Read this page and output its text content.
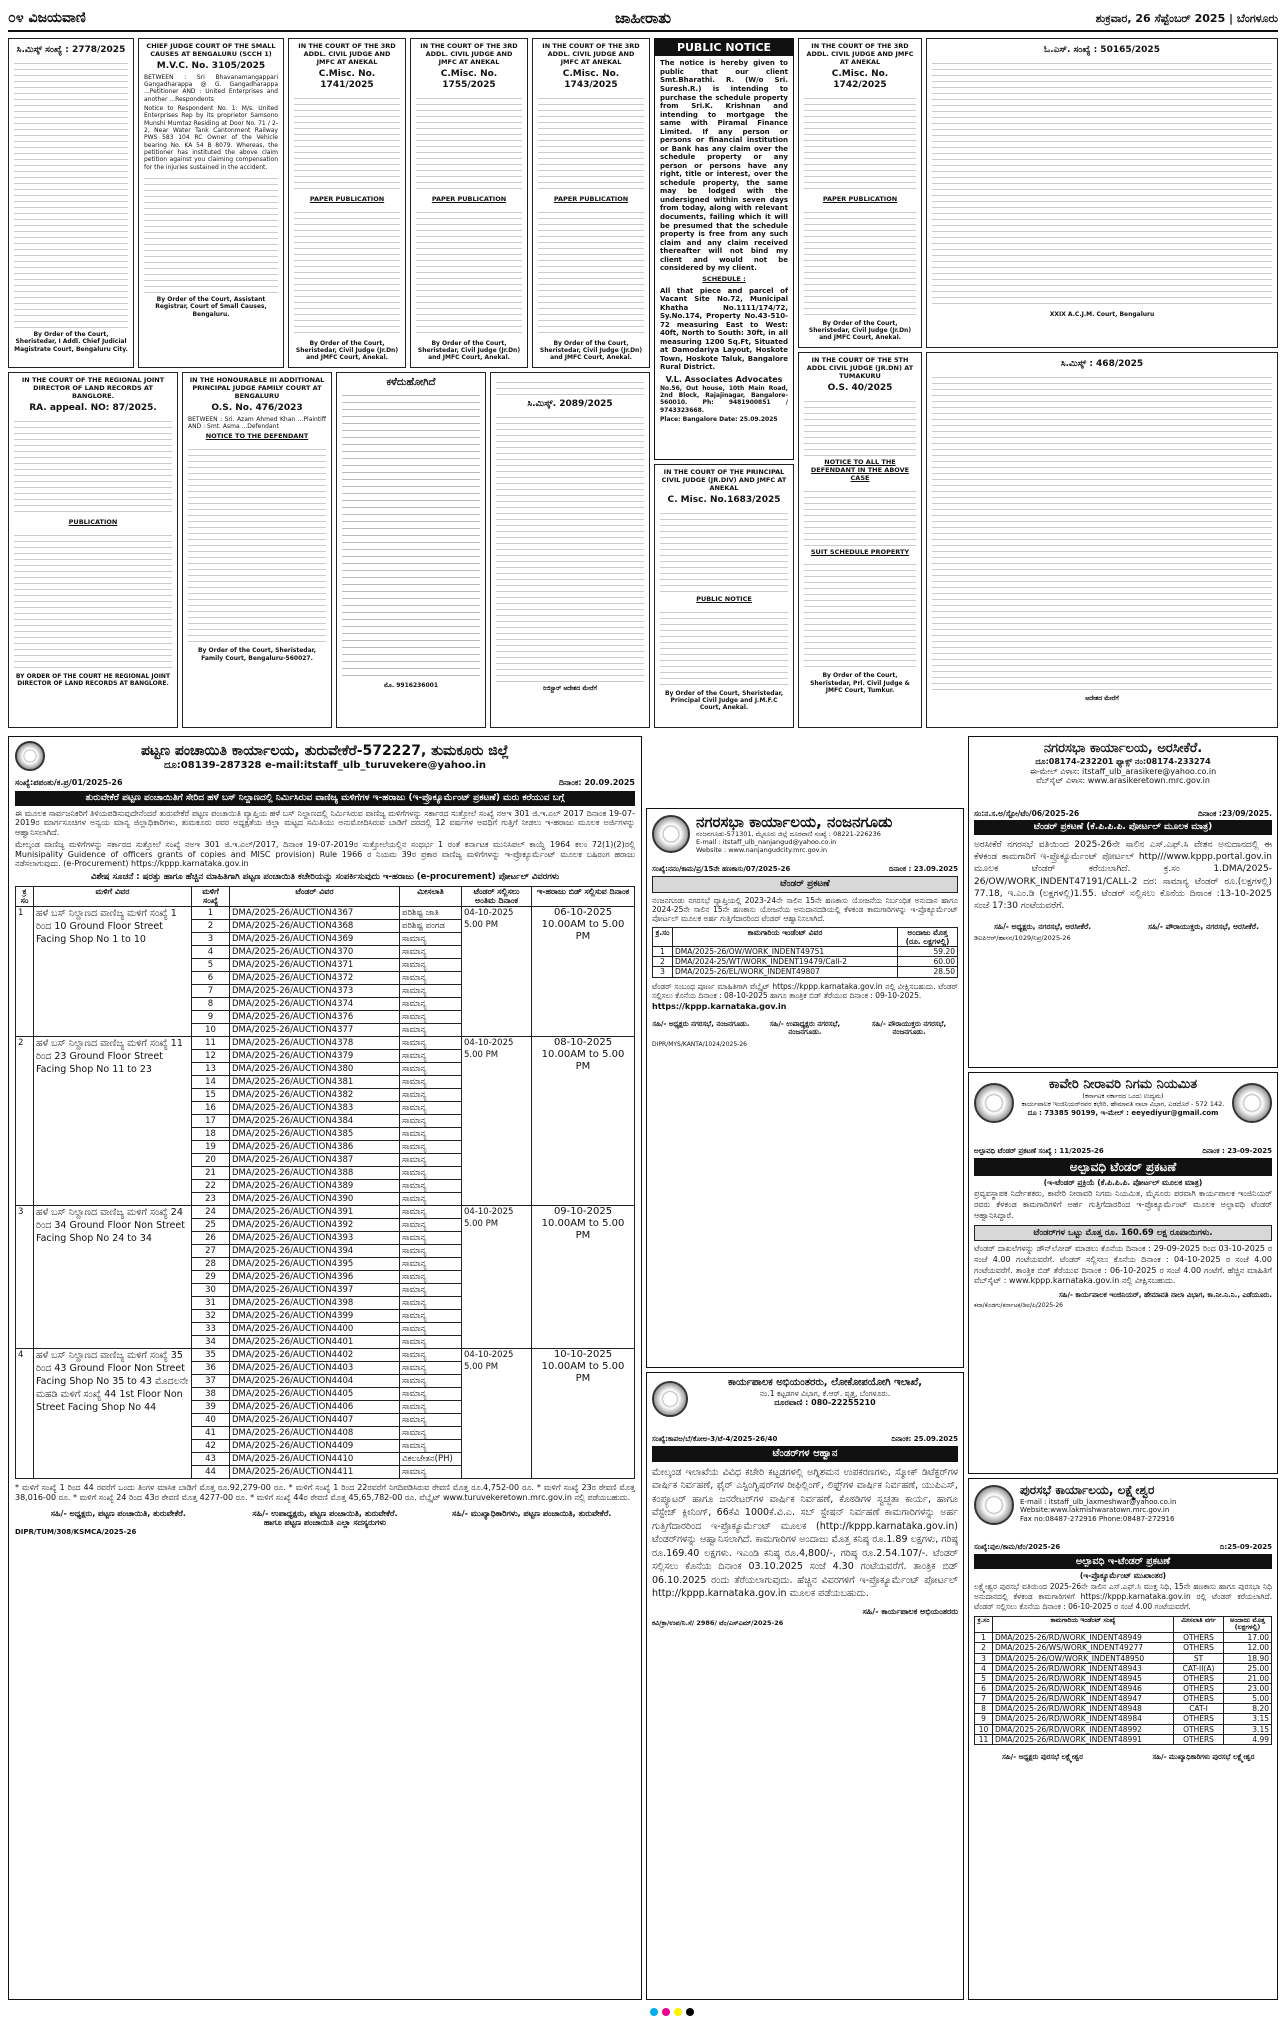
೦೪ ವಿಜಯವಾಣಿ	ಜಾಹೀರಾತು	ಶುಕ್ರವಾರ, 26 ಸೆಪ್ಟೆಂಬರ್ 2025 | ಬೆಂಗಳೂರು
ಸಿ.ಮಿಸ್ಕ್ ಸಂಖ್ಯೆ : 2778/2025
By Order of the Court, Sheristedar, I Addl. Chief Judicial Magistrate Court, Bengaluru City.
CHIEF JUDGE COURT OF THE SMALL CAUSES AT BENGALURU (SCCH 1)
M.V.C. No. 3105/2025
BETWEEN : Sri Bhavanamangappari Gangadharappa @ G. Gangadharappa ...Petitioner AND : United Enterprises and another ...Respondents
Notice to Respondent No. 1: M/s. United Enterprises Rep by its proprietor Samsono Munshi Mumtaz Residing at Door No. 71 / 2-2, Near Water Tank Cantonment Railway PWS 583 104 RC Owner of the Vehicle bearing No. KA 54 B 8079. Whereas, the petitioner has instituted the above claim petition against you claiming compensation for the injuries sustained in the accident.
By Order of the Court, Assistant Registrar, Court of Small Causes, Bengaluru.
IN THE COURT OF THE 3RD ADDL. CIVIL JUDGE AND JMFC AT ANEKAL
C.Misc. No. 1741/2025
PAPER PUBLICATION
By Order of the Court, Sheristedar, Civil Judge (Jr.Dn) and JMFC Court, Anekal.
IN THE COURT OF THE 3RD ADDL. CIVIL JUDGE AND JMFC AT ANEKAL
C.Misc. No. 1755/2025
PAPER PUBLICATION
By Order of the Court, Sheristedar, Civil Judge (Jr.Dn) and JMFC Court, Anekal.
IN THE COURT OF THE 3RD ADDL. CIVIL JUDGE AND JMFC AT ANEKAL
C.Misc. No. 1743/2025
PAPER PUBLICATION
By Order of the Court, Sheristedar, Civil Judge (Jr.Dn) and JMFC Court, Anekal.
PUBLIC NOTICE
The notice is hereby given to public that our client Smt.Bharathi. R. (W/o Sri. Suresh.R.) is intending to purchase the schedule property from Sri.K. Krishnan and intending to mortgage the same with Piramal Finance Limited. If any person or persons or financial institution or Bank has any claim over the schedule property or any person or persons have any right, title or interest, over the schedule property, the same may be lodged with the undersigned within seven days from today, along with relevant documents, failing which it will be presumed that the schedule property is free from any such claim and any claim received thereafter will not bind my client and would not be considered by my client.
SCHEDULE :
All that piece and parcel of Vacant Site No.72, Municipal Khatha No.1111/174/72, Sy.No.174, Property No.43-510-72 measuring East to West: 40ft, North to South: 30ft, in all measuring 1200 Sq.Ft, Situated at Damodariya Layout, Hoskote Town, Hoskote Taluk, Bangalore Rural District.
V.L. Associates Advocates
No.56, Out house, 10th Main Road, 2nd Block, Rajajinagar, Bangalore-560010. Ph: 9481900851 / 9743323668.
Place: Bangalore Date: 25.09.2025
IN THE COURT OF THE 3RD ADDL. CIVIL JUDGE AND JMFC AT ANEKAL
C.Misc. No. 1742/2025
PAPER PUBLICATION
By Order of the Court, Sheristedar, Civil Judge (Jr.Dn) and JMFC Court, Anekal.
ಓ.ಎಸ್. ಸಂಖ್ಯೆ : 50165/2025
XXIX A.C.J.M. Court, Bengaluru
IN THE COURT OF THE REGIONAL JOINT DIRECTOR OF LAND RECORDS AT BANGLORE.
RA. appeal. NO: 87/2025.
PUBLICATION
BY ORDER OF THE COURT HE REGIONAL JOINT DIRECTOR OF LAND RECORDS AT BANGLORE.
IN THE HONOURABLE III ADDITIONAL PRINCIPAL JUDGE FAMILY COURT AT BENGALURU
O.S. No. 476/2023
BETWEEN : Sri. Azam Ahmed Khan ...Plaintiff AND : Smt. Asma ...Defendant
NOTICE TO THE DEFENDANT
By Order of the Court, Sheristedar, Family Court, Bengaluru-560027.
ಕಳೆದುಹೋಗಿದೆ
ಮೊ. 9916236001
ಸಿ.ಮಿಸ್ಕ್. 2089/2025
ರಿಜಿಸ್ಟ್ರಾರ್ ಆದೇಶದ ಮೇರೆಗೆ
IN THE COURT OF THE PRINCIPAL CIVIL JUDGE (JR.DIV) AND JMFC AT ANEKAL
C. Misc. No.1683/2025
PUBLIC NOTICE
By Order of the Court, Sheristedar, Principal Civil Judge and J.M.F.C Court, Anekal.
IN THE COURT OF THE 5TH ADDL CIVIL JUDGE (JR.DN) AT TUMAKURU
O.S. 40/2025
NOTICE TO ALL THE DEFENDANT IN THE ABOVE CASE
SUIT SCHEDULE PROPERTY
By Order of the Court, Sheristedar, Prl. Civil Judge & JMFC Court, Tumkur.
ಸಿ.ಮಿಸ್ಕ್ : 468/2025
ಆದೇಶದ ಮೇರೆಗೆ
ಪಟ್ಟಣ ಪಂಚಾಯಿತಿ ಕಾರ್ಯಾಲಯ, ತುರುವೇಕೆರೆ-572227, ತುಮಕೂರು ಜಿಲ್ಲೆ
ದೂ:08139-287328 e-mail:itstaff_ulb_turuvekere@yahoo.in
ಸಂಖ್ಯೆ:ಪಪಂತು/ಕ.ಪ್ರ/01/2025-26	ದಿನಾಂಕ: 20.09.2025
ತುರುವೇಕೆರೆ ಪಟ್ಟಣ ಪಂಚಾಯಿತಿಗೆ ಸೇರಿದ ಹಳೆ ಬಸ್ ನಿಲ್ದಾಣದಲ್ಲಿ ನಿರ್ಮಿಸಿರುವ ವಾಣಿಜ್ಯ ಮಳಿಗೆಗಳ ಇ-ಹರಾಜು (ಇ-ಪ್ರೊಕ್ಯೂರ್ಮೆಂಟ್ ಪ್ರಕಟಣೆ) ಮರು ಕರೆಯುವ ಬಗ್ಗೆ
ಈ ಮೂಲಕ ಸಾರ್ವಜನಿಕರಿಗೆ ತಿಳಿಯಪಡಿಸುವುದೇನೆಂದರೆ ತುರುವೇಕೆರೆ ಪಟ್ಟಣ ಪಂಚಾಯಿತಿ ವ್ಯಾಪ್ತಿಯ ಹಳೆ ಬಸ್ ನಿಲ್ದಾಣದಲ್ಲಿ ನಿರ್ಮಿಸಿರುವ ವಾಣಿಜ್ಯ ಮಳಿಗೆಗಳನ್ನು ಸರ್ಕಾರದ ಸುತ್ತೋಲೆ ಸಂಖ್ಯೆ ನಅಇ 301 ಜಿ.ಇ.ಎಲ್ 2017 ದಿನಾಂಕ 19-07-2019ರ ಮಾರ್ಗಸೂಚಿಗಳ ಅನ್ವಯ ಮಾನ್ಯ ಜಿಲ್ಲಾಧಿಕಾರಿಗಳು, ತುಮಕೂರು ರವರ ಅಧ್ಯಕ್ಷತೆಯ ಜಿಲ್ಲಾ ಮಟ್ಟದ ಸಮಿತಿಯು ಅನುಮೋದಿಸಿರುವ ಬಾಡಿಗೆ ದರದಲ್ಲಿ 12 ವರ್ಷಗಳ ಅವಧಿಗೆ ಗುತ್ತಿಗೆ ನೀಡಲು ಇ-ಹರಾಜು ಮೂಲಕ ಅರ್ಜಿಗಳನ್ನು ಆಹ್ವಾನಿಸಲಾಗಿದೆ.
ಮೇಲ್ಕಂಡ ವಾಣಿಜ್ಯ ಮಳಿಗೆಗಳನ್ನು ಸರ್ಕಾರದ ಸುತ್ತೋಲೆ ಸಂಖ್ಯೆ ನಅಇ 301 ಜಿ.ಇ.ಎಲ್/2017, ದಿನಾಂಕ 19-07-2019ರ ಸುತ್ತೋಲೆಯಲ್ಲಿನ ಸಂಧರ್ಭ 1 ರಂತೆ ಕರ್ನಾಟಕ ಮುನಿಸಿಪಲ್ ಕಾಯ್ದೆ 1964 ಕಲಂ 72(1)(2)ರಲ್ಲಿ Munisipality Guidence of officers grants of copies and MISC provision) Rule 1966 ರ ನಿಯಮ 39ರ ಪ್ರಕಾರ ವಾಣಿಜ್ಯ ಮಳಿಗೆಗಳನ್ನು ಇ-ಪ್ರೊಕ್ಯೂರ್ಮೆಂಟ್ ಮೂಲಕ ಬಹಿರಂಗ ಹರಾಜು ನಡೆಸಲಾಗುವುದು. (e-Procurement) https://kppp.karnataka.gov.in
ವಿಶೇಷ ಸೂಚನೆ : ಷರತ್ತು ಹಾಗೂ ಹೆಚ್ಚಿನ ಮಾಹಿತಿಗಾಗಿ ಪಟ್ಟಣ ಪಂಚಾಯಿತಿ ಕಚೇರಿಯನ್ನು ಸಂಪರ್ಕಿಸುವುದು ಇ-ಹರಾಜು (e-procurement) ಪೋರ್ಟಲ್ ವಿವರಗಳು
ಕ್ರ ಸಂ	ಮಳಿಗೆ ವಿವರ	ಮಳಿಗೆ ಸಂಖ್ಯೆ	ಟೆಂಡರ್ ವಿವರ	ಮೀಸಲಾತಿ	ಟೆಂಡರ್ ಸಲ್ಲಿಸಲು ಅಂತಿಮ ದಿನಾಂಕ	ಇ-ಹರಾಜು ಬಿಡ್ ಸಲ್ಲಿಸುವ ದಿನಾಂಕ
1	ಹಳೆ ಬಸ್ ನಿಲ್ದಾಣದ ವಾಣಿಜ್ಯ ಮಳಿಗೆ ಸಂಖ್ಯೆ 1 ರಿಂದ 10 Ground Floor Street Facing Shop No 1 to 10	1	DMA/2025-26/AUCTION4367	ಪರಿಶಿಷ್ಟ ಜಾತಿ	04-10-2025 5.00 PM	06-10-2025 10.00AM to 5.00 PM
		2	DMA/2025-26/AUCTION4368	ಪರಿಶಿಷ್ಟ ಪಂಗಡ		
		3	DMA/2025-26/AUCTION4369	ಸಾಮಾನ್ಯ		
		4	DMA/2025-26/AUCTION4370	ಸಾಮಾನ್ಯ		
		5	DMA/2025-26/AUCTION4371	ಸಾಮಾನ್ಯ		
		6	DMA/2025-26/AUCTION4372	ಸಾಮಾನ್ಯ		
		7	DMA/2025-26/AUCTION4373	ಸಾಮಾನ್ಯ		
		8	DMA/2025-26/AUCTION4374	ಸಾಮಾನ್ಯ		
		9	DMA/2025-26/AUCTION4376	ಸಾಮಾನ್ಯ		
		10	DMA/2025-26/AUCTION4377	ಸಾಮಾನ್ಯ		
2	ಹಳೆ ಬಸ್ ನಿಲ್ದಾಣದ ವಾಣಿಜ್ಯ ಮಳಿಗೆ ಸಂಖ್ಯೆ 11 ರಿಂದ 23 Ground Floor Street Facing Shop No 11 to 23	11	DMA/2025-26/AUCTION4378	ಸಾಮಾನ್ಯ	04-10-2025 5.00 PM	08-10-2025 10.00AM to 5.00 PM
		12	DMA/2025-26/AUCTION4379	ಸಾಮಾನ್ಯ		
		13	DMA/2025-26/AUCTION4380	ಸಾಮಾನ್ಯ		
		14	DMA/2025-26/AUCTION4381	ಸಾಮಾನ್ಯ		
		15	DMA/2025-26/AUCTION4382	ಸಾಮಾನ್ಯ		
		16	DMA/2025-26/AUCTION4383	ಸಾಮಾನ್ಯ		
		17	DMA/2025-26/AUCTION4384	ಸಾಮಾನ್ಯ		
		18	DMA/2025-26/AUCTION4385	ಸಾಮಾನ್ಯ		
		19	DMA/2025-26/AUCTION4386	ಸಾಮಾನ್ಯ		
		20	DMA/2025-26/AUCTION4387	ಸಾಮಾನ್ಯ		
		21	DMA/2025-26/AUCTION4388	ಸಾಮಾನ್ಯ		
		22	DMA/2025-26/AUCTION4389	ಸಾಮಾನ್ಯ		
		23	DMA/2025-26/AUCTION4390	ಸಾಮಾನ್ಯ		
3	ಹಳೆ ಬಸ್ ನಿಲ್ದಾಣದ ವಾಣಿಜ್ಯ ಮಳಿಗೆ ಸಂಖ್ಯೆ 24 ರಿಂದ 34 Ground Floor Non Street Facing Shop No 24 to 34	24	DMA/2025-26/AUCTION4391	ಸಾಮಾನ್ಯ	04-10-2025 5.00 PM	09-10-2025 10.00AM to 5.00 PM
		25	DMA/2025-26/AUCTION4392	ಸಾಮಾನ್ಯ		
		26	DMA/2025-26/AUCTION4393	ಸಾಮಾನ್ಯ		
		27	DMA/2025-26/AUCTION4394	ಸಾಮಾನ್ಯ		
		28	DMA/2025-26/AUCTION4395	ಸಾಮಾನ್ಯ		
		29	DMA/2025-26/AUCTION4396	ಸಾಮಾನ್ಯ		
		30	DMA/2025-26/AUCTION4397	ಸಾಮಾನ್ಯ		
		31	DMA/2025-26/AUCTION4398	ಸಾಮಾನ್ಯ		
		32	DMA/2025-26/AUCTION4399	ಸಾಮಾನ್ಯ		
		33	DMA/2025-26/AUCTION4400	ಸಾಮಾನ್ಯ		
		34	DMA/2025-26/AUCTION4401	ಸಾಮಾನ್ಯ		
4	ಹಳೆ ಬಸ್ ನಿಲ್ದಾಣದ ವಾಣಿಜ್ಯ ಮಳಿಗೆ ಸಂಖ್ಯೆ 35 ರಿಂದ 43 Ground Floor Non Street Facing Shop No 35 to 43 ಮೊದಲನೇ ಮಹಡಿ ಮಳಿಗೆ ಸಂಖ್ಯೆ 44 1st Floor Non Street Facing Shop No 44	35	DMA/2025-26/AUCTION4402	ಸಾಮಾನ್ಯ	04-10-2025 5.00 PM	10-10-2025 10.00AM to 5.00 PM
		36	DMA/2025-26/AUCTION4403	ಸಾಮಾನ್ಯ		
		37	DMA/2025-26/AUCTION4404	ಸಾಮಾನ್ಯ		
		38	DMA/2025-26/AUCTION4405	ಸಾಮಾನ್ಯ		
		39	DMA/2025-26/AUCTION4406	ಸಾಮಾನ್ಯ		
		40	DMA/2025-26/AUCTION4407	ಸಾಮಾನ್ಯ		
		41	DMA/2025-26/AUCTION4408	ಸಾಮಾನ್ಯ		
		42	DMA/2025-26/AUCTION4409	ಸಾಮಾನ್ಯ		
		43	DMA/2025-26/AUCTION4410	ವಿಕಲಚೇತನ(PH)		
		44	DMA/2025-26/AUCTION4411	ಸಾಮಾನ್ಯ		
* ಮಳಿಗೆ ಸಂಖ್ಯೆ 1 ರಿಂದ 44 ರವರೆಗೆ ಒಂದು ತಿಂಗಳ ಮಾಸಿಕ ಬಾಡಿಗೆ ಮೊತ್ತ ರೂ.92,279-00 ರೂ. * ಮಳಿಗೆ ಸಂಖ್ಯೆ 1 ರಿಂದ 22ರವರೆಗೆ ನಿಗದಿಪಡಿಸಿರುವ ಠೇವಣಿ ಮೊತ್ತ ರೂ.4,752-00 ರೂ. * ಮಳಿಗೆ ಸಂಖ್ಯೆ 23ರ ಠೇವಣಿ ಮೊತ್ತ 38,016-00 ರೂ. * ಮಳಿಗೆ ಸಂಖ್ಯೆ 24 ರಿಂದ 43ರ ಠೇವಣಿ ಮೊತ್ತ 4277-00 ರೂ. * ಮಳಿಗೆ ಸಂಖ್ಯೆ 44ರ ಠೇವಣಿ ಮೊತ್ತ 45,65,782-00 ರೂ. ವೆಬ್ಸೈಟ್ www.turuvekeretown.mrc.gov.in ನಲ್ಲಿ ಪಡೆಯಬಹುದು.
ಸಹಿ/- ಅಧ್ಯಕ್ಷರು, ಪಟ್ಟಣ ಪಂಚಾಯಿತಿ, ತುರುವೇಕೆರೆ.	ಸಹಿ/- ಉಪಾಧ್ಯಕ್ಷರು, ಪಟ್ಟಣ ಪಂಚಾಯಿತಿ, ತುರುವೇಕೆರೆ.	ಸಹಿ/- ಮುಖ್ಯಾಧಿಕಾರಿಗಳು, ಪಟ್ಟಣ ಪಂಚಾಯಿತಿ, ತುರುವೇಕೆರೆ.
ಹಾಗೂ ಪಟ್ಟಣ ಪಂಚಾಯಿತಿ ಎಲ್ಲಾ ಸದಸ್ಯರುಗಳು
DIPR/TUM/308/KSMCA/2025-26
ನಗರಸಭಾ ಕಾರ್ಯಾಲಯ, ನಂಜನಗೂಡು
ನಂಜನಗೂಡು-571301, ಮೈಸೂರು ಜಿಲ್ಲೆ ದೂರವಾಣಿ ಸಂಖ್ಯೆ : 08221-226236
E-mail : itstaff_ulb_nanjangud@yahoo.co.in
Website : www.nanjangudcity.mrc.gov.in
ಸಂಖ್ಯೆ:ನನಂ/ಕಾಮ/ಪ್ರ/15ನೇ ಹಣಕಾಸು/07/2025-26	ದಿನಾಂಕ : 23.09.2025
ಟೆಂಡರ್ ಪ್ರಕಟಣೆ
ನಂಜನಗೂಡು ನಗರಸಭೆ ವ್ಯಾಪ್ತಿಯಲ್ಲಿ 2023-24ನೇ ಸಾಲಿನ 15ನೇ ಹಣಕಾಸು ಯೋಜನೆಯ ನಿರ್ಬಂಧಿತ ಅನುದಾನ ಹಾಗೂ 2024-25ನೇ ಸಾಲಿನ 15ನೇ ಹಣಕಾಸು ಯೋಜನೆಯ ಅನುದಾನದಡಿಯಲ್ಲಿ ಕೆಳಕಂಡ ಕಾಮಗಾರಿಗಳನ್ನು ಇ-ಪ್ರೊಕ್ಯೂರ್ಮೆಂಟ್ ಪೋರ್ಟಲ್ ಮೂಲಕ ಅರ್ಹ ಗುತ್ತಿಗೆದಾರರಿಂದ ಟೆಂಡರ್ ಆಹ್ವಾನಿಸಲಾಗಿದೆ.
ಕ್ರ.ಸಂ	ಕಾಮಗಾರಿಯ ಇಂಡೆಂಟ್ ವಿವರ	ಅಂದಾಜು ಮೊತ್ತ (ರೂ. ಲಕ್ಷಗಳಲ್ಲಿ)
1	DMA/2025-26/OW/WORK_INDENT49751	59.20
2	DMA/2024-25/WT/WORK_INDENT19479/Call-2	60.00
3	DMA/2025-26/EL/WORK_INDENT49807	28.50
ಟೆಂಡರ್ ಸಂಬಂಧ ಪೂರ್ಣ ಮಾಹಿತಿಗಾಗಿ ವೆಬ್ಸೈಟ್ https://kppp.karnataka.gov.in ನಲ್ಲಿ ವೀಕ್ಷಿಸಬಹುದು. ಟೆಂಡರ್ ಸಲ್ಲಿಸಲು ಕೊನೆಯ ದಿನಾಂಕ : 08-10-2025 ಹಾಗೂ ತಾಂತ್ರಿಕ ಬಿಡ್ ತೆರೆಯುವ ದಿನಾಂಕ : 09-10-2025.
https://kppp.karnataka.gov.in
ಸಹಿ/- ಅಧ್ಯಕ್ಷರು ನಗರಸಭೆ, ನಂಜನಗೂಡು.	ಸಹಿ/- ಉಪಾಧ್ಯಕ್ಷರು ನಗರಸಭೆ, ನಂಜನಗೂಡು.
ಸಹಿ/- ಪೌರಾಯುಕ್ತರು ನಗರಸಭೆ, ನಂಜನಗೂಡು.
DIPR/MYS/KANTA/1024/2025-26
ಕಾರ್ಯಪಾಲಕ ಅಭಿಯಂತರರು, ಲೋಕೋಪಯೋಗಿ ಇಲಾಖೆ,
ನಂ.1 ಕಟ್ಟಡಗಳ ವಿಭಾಗ, ಕೆ.ಆರ್. ವೃತ್ತ, ಬೆಂಗಳೂರು.
ದೂರವಾಣಿ : 080-22255210
ಸಂಖ್ಯೆ:ಕಾಪಅ/ಬೆ/ಕೋಅ-3/ಟೆ-4/2025-26/40	ದಿನಾಂಕ: 25.09.2025
ಟೆಂಡರ್‌ಗಳ ಆಹ್ವಾನ
ಮೇಲ್ಕಂಡ ಇಲಾಖೆಯ ವಿವಿಧ ಕಚೇರಿ ಕಟ್ಟಡಗಳಲ್ಲಿ ಅಗ್ನಿಶಮನ ಉಪಕರಣಗಳು, ಸ್ಮೋಕ್ ಡಿಟೆಕ್ಟರ್‌ಗಳ ವಾರ್ಷಿಕ ನಿರ್ವಹಣೆ, ಫೈರ್ ಎಸ್ಟಿಂಗ್ವಿಷರ್‌ಗಳ ರೀಫಿಲ್ಲಿಂಗ್, ಲಿಫ್ಟ್‌ಗಳ ವಾರ್ಷಿಕ ನಿರ್ವಹಣೆ, ಯುಪಿಎಸ್, ಕಂಪ್ಯೂಟರ್ ಹಾಗೂ ಜನರೇಟರ್‌ಗಳ ವಾರ್ಷಿಕ ನಿರ್ವಹಣೆ, ಕೊಠಡಿಗಳ ಸ್ವಚ್ಛತಾ ಕಾರ್ಯ, ಹಾಗೂ ವೆಸ್ಟೇಜ್ ಕ್ಲೀನಿಂಗ್, 66ಕೆವಿ 1000ಕೆ.ವಿ.ಎ. ಸಬ್ ಸ್ಟೇಷನ್ ನಿರ್ವಹಣೆ ಕಾಮಗಾರಿಗಳನ್ನು ಅರ್ಹ ಗುತ್ತಿಗೆದಾರರಿಂದ ಇ-ಪ್ರೊಕ್ಯೂರ್ಮೆಂಟ್ ಮೂಲಕ (http://kppp.karnataka.gov.in) ಟೆಂಡರ್‌ಗಳನ್ನು ಆಹ್ವಾನಿಸಲಾಗಿದೆ. ಕಾಮಗಾರಿಗಳ ಅಂದಾಜು ಮೊತ್ತ ಕನಿಷ್ಠ ರೂ.1.89 ಲಕ್ಷಗಳು, ಗರಿಷ್ಠ ರೂ.169.40 ಲಕ್ಷಗಳು. ಇಎಂಡಿ ಕನಿಷ್ಠ ರೂ.4,800/-, ಗರಿಷ್ಠ ರೂ.2.54.107/-. ಟೆಂಡರ್ ಸಲ್ಲಿಸಲು ಕೊನೆಯ ದಿನಾಂಕ 03.10.2025 ಸಂಜೆ 4.30 ಗಂಟೆಯವರೆಗೆ. ತಾಂತ್ರಿಕ ಬಿಡ್ 06.10.2025 ರಂದು ತೆರೆಯಲಾಗುವುದು. ಹೆಚ್ಚಿನ ವಿವರಗಳಿಗೆ ಇ-ಪ್ರೊಕ್ಯೂರ್ಮೆಂಟ್ ಪೋರ್ಟಲ್ http://kppp.karnataka.gov.in ಮೂಲಕ ಪಡೆಯಬಹುದು.
ಸಹಿ/- ಕಾರ್ಯಪಾಲಕ ಅಭಿಯಂತರರು
ಕವಿ/ಕ್ರಾ/ಉಪ/ನಿ.ಸೆ/ 2986/ ಟೆಂ/ಎಸ್ಎಮ್/2025-26
ನಗರಸಭಾ ಕಾರ್ಯಾಲಯ, ಅರಸೀಕೆರೆ.
ದೂ:08174-232201 ಫ್ಯಾಕ್ಸ್ ನಂ:08174-233274
ಈ-ಮೇಲ್ ವಿಳಾಸ: itstaff_ulb_arasikere@yahoo.co.in
ವೆಬ್‌ಸೈಟ್ ವಿಳಾಸ: www.arasikeretown.mrc.gov.in
ಸಂ:ನ.ಸ.ಅ/ಸ್ಟೋ/ಟೆಂ/06/2025-26	ದಿನಾಂಕ :23/09/2025.
ಟೆಂಡರ್ ಪ್ರಕಟಣೆ (ಕೆ.ಪಿ.ಪಿ.ಪಿ. ಪೋರ್ಟಲ್ ಮೂಲಕ ಮಾತ್ರ)
ಅರಸೀಕೆರೆ ನಗರಸಭೆ ವತಿಯಿಂದ 2025-26ನೇ ಸಾಲಿನ ಎಸ್.ಎಫ್.ಸಿ ವೇತನ ಅನುದಾನದಲ್ಲಿ ಈ ಕೆಳಕಂಡ ಕಾಮಗಾರಿಗೆ ಇ-ಪ್ರೊಕ್ಯೂರ್ಮೆಂಟ್ ಪೋರ್ಟಲ್ http///www.kppp.portal.gov.in ಮೂಲಕ ಟೆಂಡರ್ ಕರೆಯಲಾಗಿದೆ. ಕ್ರ.ಸಂ 1.DMA/2025-26/OW/WORK_INDENT47191/CALL-2 ದರ: ಸಾಮಾನ್ಯ ಟೆಂಡರ್ ರೂ.(ಲಕ್ಷಗಳಲ್ಲಿ) 77.18, ಇ.ಎಂ.ಡಿ (ಲಕ್ಷಗಳಲ್ಲಿ)1.55. ಟೆಂಡರ್ ಸಲ್ಲಿಸಲು ಕೊನೆಯ ದಿನಾಂಕ :13-10-2025 ಸಂಜೆ 17:30 ಗಂಟೆಯವರೆಗೆ.
ಸಹಿ/- ಅಧ್ಯಕ್ಷರು, ನಗರಸಭೆ, ಅರಸೀಕೆರೆ.	ಸಹಿ/- ಪೌರಾಯುಕ್ತರು, ನಗರಸಭೆ, ಅರಸೀಕೆರೆ.
ಡಿಐಪಿಆರ್/ಹಾಸನ/1029/ನಿಪ್ರ/2025-26
ಕಾವೇರಿ ನೀರಾವರಿ ನಿಗಮ ನಿಯಮಿತ
(ಕರ್ನಾಟಕ ಸರ್ಕಾರದ ಒಂದು ಉದ್ಯಮ)
ಕಾರ್ಯಪಾಲಕ ಇಂಜಿನಿಯರ್‌ರವರ ಕಛೇರಿ, ಹೇಮಾವತಿ ನಾಲಾ ವಿಭಾಗ, ಎಡದೊರೆ - 572 142.
ದೂ : 73385 90199, ಇ-ಮೇಲ್ : eeyediyur@gmail.com
ಅಲ್ಪಾವಧಿ ಟೆಂಡರ್ ಪ್ರಕಟಣೆ ಸಂಖ್ಯೆ : 11/2025-26	ದಿನಾಂಕ : 23-09-2025
ಅಲ್ಪಾವಧಿ ಟೆಂಡರ್ ಪ್ರಕಟಣೆ
(ಇ-ಟೆಂಡರ್ ಪ್ರಕ್ರಿಯೆ (ಕೆ.ಪಿ.ಪಿ.ಪಿ. ಪೋರ್ಟಲ್ ಮೂಲಕ ಮಾತ್ರ)
ಪ್ರವ್ಯವಸ್ಥಾಪಕ ನಿರ್ದೇಶಕರು, ಕಾವೇರಿ ನೀರಾವರಿ ನಿಗಮ ನಿಯಮಿತ, ಮೈಸೂರು ಪರವಾಗಿ ಕಾರ್ಯಪಾಲಕ ಇಂಜಿನಿಯರ್ ರವರು ಕೆಳಕಂಡ ಕಾಮಗಾರಿಗಳಿಗೆ ಅರ್ಹ ಗುತ್ತಿಗೆದಾರರಿಂದ ಇ-ಪ್ರೊಕ್ಯೂರ್ಮೆಂಟ್ ಮೂಲಕ ಅಲ್ಪಾವಧಿ ಟೆಂಡರ್ ಆಹ್ವಾನಿಸಿದ್ದಾರೆ.
ಟೆಂಡರ್‌ಗಳ ಒಟ್ಟು ಮೊತ್ತ ರೂ. 160.69 ಲಕ್ಷ ರೂಪಾಯಿಗಳು.
ಟೆಂಡರ್ ದಾಖಲೆಗಳನ್ನು ಡೌನ್‌ಲೋಡ್ ಮಾಡಲು ಕೊನೆಯ ದಿನಾಂಕ : 29-09-2025 ರಿಂದ 03-10-2025 ರ ಸಂಜೆ 4.00 ಗಂಟೆಯವರೆಗೆ. ಟೆಂಡರ್ ಸಲ್ಲಿಸಲು ಕೊನೆಯ ದಿನಾಂಕ : 04-10-2025 ರ ಸಂಜೆ 4.00 ಗಂಟೆಯವರೆಗೆ. ತಾಂತ್ರಿಕ ಬಿಡ್ ತೆರೆಯುವ ದಿನಾಂಕ : 06-10-2025 ರ ಸಂಜೆ 4.00 ಗಂಟೆಗೆ. ಹೆಚ್ಚಿನ ಮಾಹಿತಿಗೆ ವೆಬ್‌ಸೈಟ್ : www.kppp.karnataka.gov.in ನಲ್ಲಿ ವೀಕ್ಷಿಸಬಹುದು.
ಸಹಿ/- ಕಾರ್ಯಪಾಲಕ ಇಂಜಿನಿಯರ್, ಹೇಮಾವತಿ ನಾಲಾ ವಿಭಾಗ, ಕಾ.ನೀ.ನಿ.ನಿ., ಎಡೆಯೂರು.
ಕವಾ/ಕೊಡಗು/ಕರ್ನಾಟಕ/ಡಿಐ/ಪಿ/2025-26
ಪುರಸಭೆ ಕಾರ್ಯಾಲಯ, ಲಕ್ಷ್ಮೇಶ್ವರ
E-mail : itstaff_ulb_laxmeshwar@yahoo.co.in
Website:www.lakmishwaratown.mrc.gov.in
Fax no:08487-272916 Phone:08487-272916
ಸಂಖ್ಯೆ:ಪುಲ/ಕಾಮ/ಟೆಂ/2025-26	ದಿ:25-09-2025
ಅಲ್ಪಾವಧಿ ಇ-ಟೆಂಡರ್ ಪ್ರಕಟಣೆ
(ಇ-ಪ್ರೊಕ್ಯೂರ್ಮೆಂಟ್ ಮುಖಾಂತರ)
ಲಕ್ಷ್ಮೇಶ್ವರ ಪುರಸಭೆ ವತಿಯಿಂದ 2025-26ನೇ ಸಾಲಿನ ಎಸ್.ಎಫ್.ಸಿ ಮುಕ್ತ ನಿಧಿ, 15ನೇ ಹಣಕಾಸು ಹಾಗೂ ಪುರಸಭಾ ನಿಧಿ ಅನುದಾನದಲ್ಲಿ ಕೆಳಕಂಡ ಕಾಮಗಾರಿಗಳಿಗೆ https://kppp.karnataka.gov.in ರಲ್ಲಿ ಟೆಂಡರ್ ಕರೆಯಲಾಗಿದೆ. ಟೆಂಡರ್ ಸಲ್ಲಿಸಲು ಕೊನೆಯ ದಿನಾಂಕ : 06-10-2025 ರ ಸಂಜೆ 4.00 ಗಂಟೆಯವರೆಗೆ.
ಕ್ರ.ಸಂ	ಕಾಮಗಾರಿಯ ಇಂಡೆಂಟ್ ಸಂಖ್ಯೆ	ಮೀಸಲಾತಿ ವರ್ಗ	ಅಂದಾಜು ಮೊತ್ತ (ಲಕ್ಷಗಳಲ್ಲಿ)
1	DMA/2025-26/RD/WORK_INDENT48949	OTHERS	17.00
2	DMA/2025-26/WS/WORK_INDENT49277	OTHERS	12.00
3	DMA/2025-26/OW/WORK_INDENT48950	ST	18.90
4	DMA/2025-26/RD/WORK_INDENT48943	CAT-II(A)	25.00
5	DMA/2025-26/RD/WORK_INDENT48945	OTHERS	21.00
6	DMA/2025-26/RD/WORK_INDENT48946	OTHERS	23.00
7	DMA/2025-26/RD/WORK_INDENT48947	OTHERS	5.00
8	DMA/2025-26/RD/WORK_INDENT48948	CAT-I	8.20
9	DMA/2025-26/RD/WORK_INDENT48984	OTHERS	3.15
10	DMA/2025-26/RD/WORK_INDENT48992	OTHERS	3.15
11	DMA/2025-26/RD/WORK_INDENT48991	OTHERS	4.99
ಸಹಿ/- ಅಧ್ಯಕ್ಷರು ಪುರಸಭೆ ಲಕ್ಷ್ಮೇಶ್ವರ	ಸಹಿ/- ಮುಖ್ಯಾಧಿಕಾರಿಗಳು ಪುರಸಭೆ ಲಕ್ಷ್ಮೇಶ್ವರ
